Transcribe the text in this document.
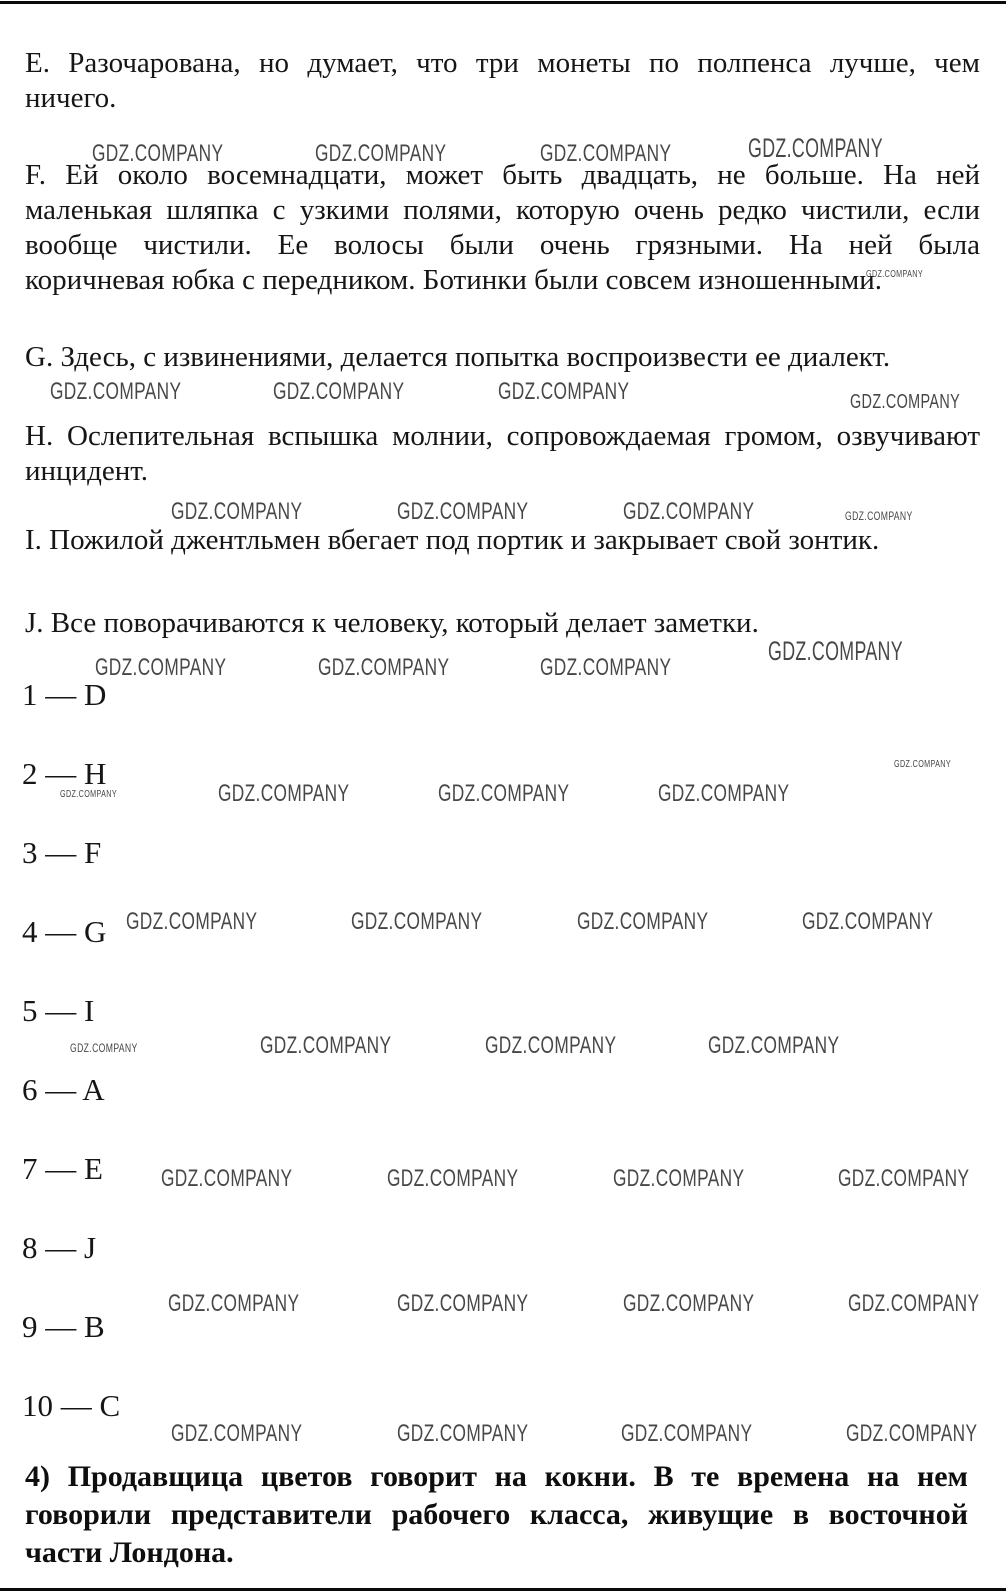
Е. Разочарована, но думает, что три монеты по полпенса лучше, чем
ничего.
GDZ.COMPANY	GDZ.COMPANY	GDZ.COMPANY	GDZ.COMPANY
F. Ей около восемнадцати, может быть двадцать, не больше. На ней
маленькая шляпка с узкими полями, которую очень редко чистили, если
вообще чистили. Ее волосы были очень грязными. На ней была
коричневая юбка с передником. Ботинки были совсем изношенными.
GDZ.COMPANY
G. Здесь, с извинениями, делается попытка воспроизвести ее диалект.
GDZ.COMPANY	GDZ.COMPANY	GDZ.COMPANY	GDZ.COMPANY
Н. Ослепительная вспышка молнии, сопровождаемая громом, озвучивают
инцидент.
GDZ.COMPANY	GDZ.COMPANY	GDZ.COMPANY	GDZ.COMPANY
I. Пожилой джентльмен вбегает под портик и закрывает свой зонтик.
J. Все поворачиваются к человеку, который делает заметки.
GDZ.COMPANY
GDZ.COMPANY	GDZ.COMPANY	GDZ.COMPANY
1 — D
2 — H
3 — F
4 — G
5 — I
6 — A
7 — E
8 — J
9 — B
10 — C
GDZ.COMPANY
GDZ.COMPANY	GDZ.COMPANY	GDZ.COMPANY	GDZ.COMPANY
GDZ.COMPANY	GDZ.COMPANY	GDZ.COMPANY	GDZ.COMPANY
GDZ.COMPANY	GDZ.COMPANY	GDZ.COMPANY	GDZ.COMPANY
GDZ.COMPANY	GDZ.COMPANY	GDZ.COMPANY	GDZ.COMPANY
GDZ.COMPANY	GDZ.COMPANY	GDZ.COMPANY	GDZ.COMPANY
GDZ.COMPANY	GDZ.COMPANY	GDZ.COMPANY	GDZ.COMPANY
4) Продавщица цветов говорит на кокни. В те времена на нем
говорили представители рабочего класса, живущие в восточной
части Лондона.
